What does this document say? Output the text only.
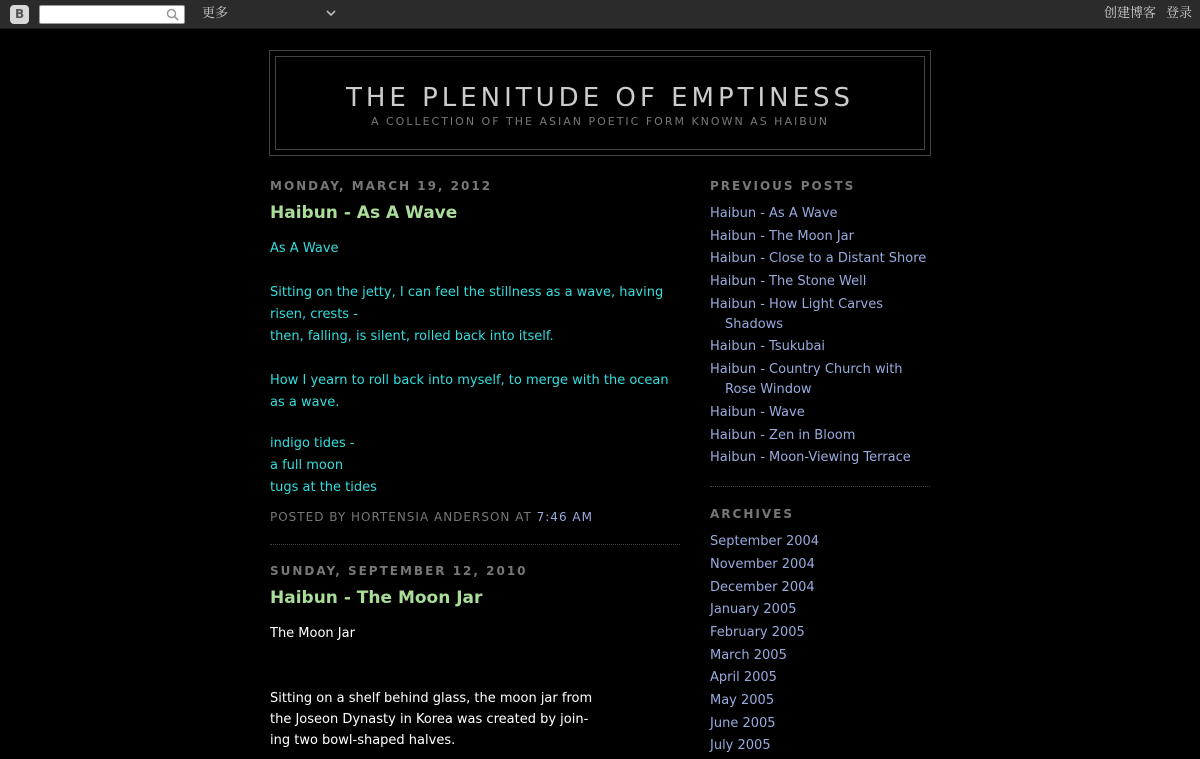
B	更多	创建博客 登录
THE PLENITUDE OF EMPTINESS
A COLLECTION OF THE ASIAN POETIC FORM KNOWN AS HAIBUN
MONDAY, MARCH 19, 2012
Haibun - As A Wave

As A Wave

Sitting on the jetty, I can feel the stillness as a wave, having risen, crests -

then, falling, is silent, rolled back into itself.

How I yearn to roll back into myself, to merge with the ocean as a wave.

indigo tides -

a full moon

tugs at the tides

POSTED BY HORTENSIA ANDERSON AT 7:46 AM
SUNDAY, SEPTEMBER 12, 2010
Haibun - The Moon Jar

The Moon Jar

Sitting on a shelf behind glass, the moon jar from

the Joseon Dynasty in Korea was created by join-

ing two bowl-shaped halves.

PREVIOUS POSTS
Haibun - As A Wave
Haibun - The Moon Jar
Haibun - Close to a Distant Shore
Haibun - The Stone Well
Haibun - How Light Carves Shadows
Haibun - Tsukubai
Haibun - Country Church with Rose Window
Haibun - Wave
Haibun - Zen in Bloom
Haibun - Moon-Viewing Terrace
ARCHIVES
September 2004
November 2004
December 2004
January 2005
February 2005
March 2005
April 2005
May 2005
June 2005
July 2005
